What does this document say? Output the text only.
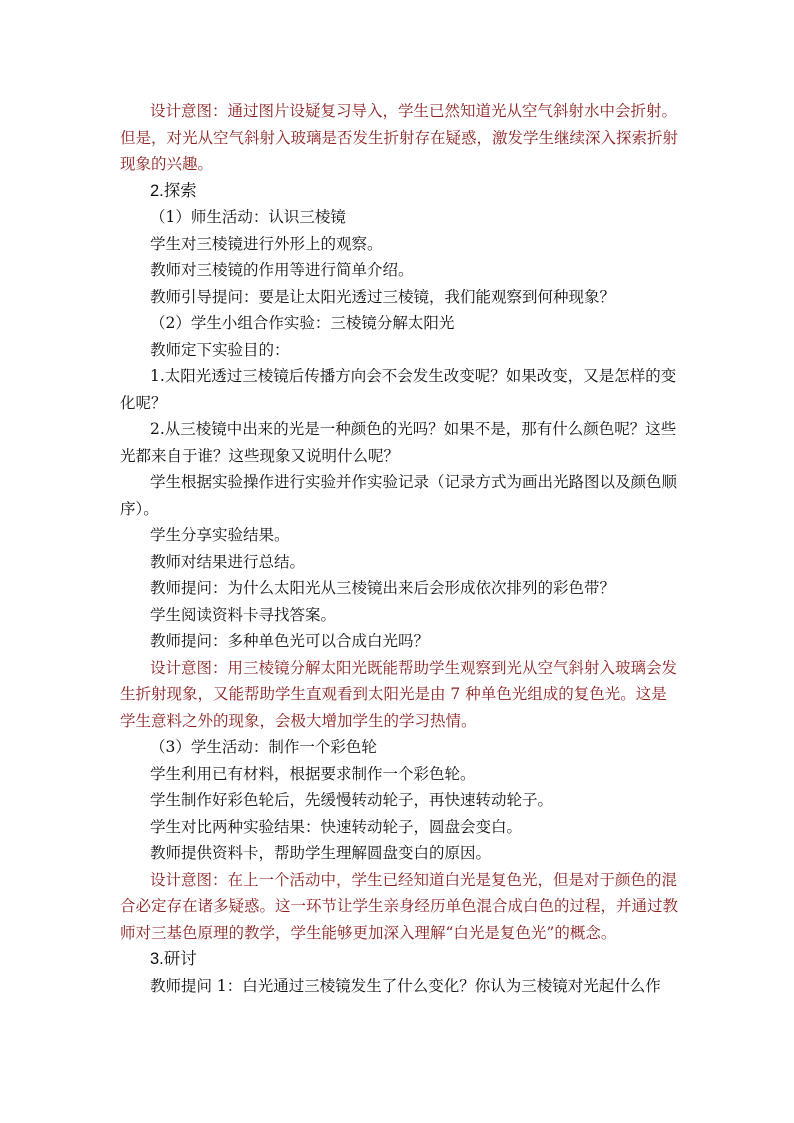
设计意图：通过图片设疑复习导入，学生已然知道光从空气斜射水中会折射。但是，对光从空气斜射入玻璃是否发生折射存在疑惑，激发学生继续深入探索折射现象的兴趣。

2.探索

（1）师生活动：认识三棱镜

学生对三棱镜进行外形上的观察。

教师对三棱镜的作用等进行简单介绍。

教师引导提问：要是让太阳光透过三棱镜，我们能观察到何种现象？

（2）学生小组合作实验：三棱镜分解太阳光

教师定下实验目的：

1.太阳光透过三棱镜后传播方向会不会发生改变呢？如果改变，又是怎样的变化呢？

2.从三棱镜中出来的光是一种颜色的光吗？如果不是，那有什么颜色呢？这些光都来自于谁？这些现象又说明什么呢？

学生根据实验操作进行实验并作实验记录（记录方式为画出光路图以及颜色顺序）。

学生分享实验结果。

教师对结果进行总结。

教师提问：为什么太阳光从三棱镜出来后会形成依次排列的彩色带？

学生阅读资料卡寻找答案。

教师提问：多种单色光可以合成白光吗？

设计意图：用三棱镜分解太阳光既能帮助学生观察到光从空气斜射入玻璃会发生折射现象，又能帮助学生直观看到太阳光是由 7 种单色光组成的复色光。这是学生意料之外的现象，会极大增加学生的学习热情。

（3）学生活动：制作一个彩色轮

学生利用已有材料，根据要求制作一个彩色轮。

学生制作好彩色轮后，先缓慢转动轮子，再快速转动轮子。

学生对比两种实验结果：快速转动轮子，圆盘会变白。

教师提供资料卡，帮助学生理解圆盘变白的原因。

设计意图：在上一个活动中，学生已经知道白光是复色光，但是对于颜色的混合必定存在诸多疑惑。这一环节让学生亲身经历单色混合成白色的过程，并通过教师对三基色原理的教学，学生能够更加深入理解“白光是复色光”的概念。

3.研讨

教师提问 1：白光通过三棱镜发生了什么变化？你认为三棱镜对光起什么作
